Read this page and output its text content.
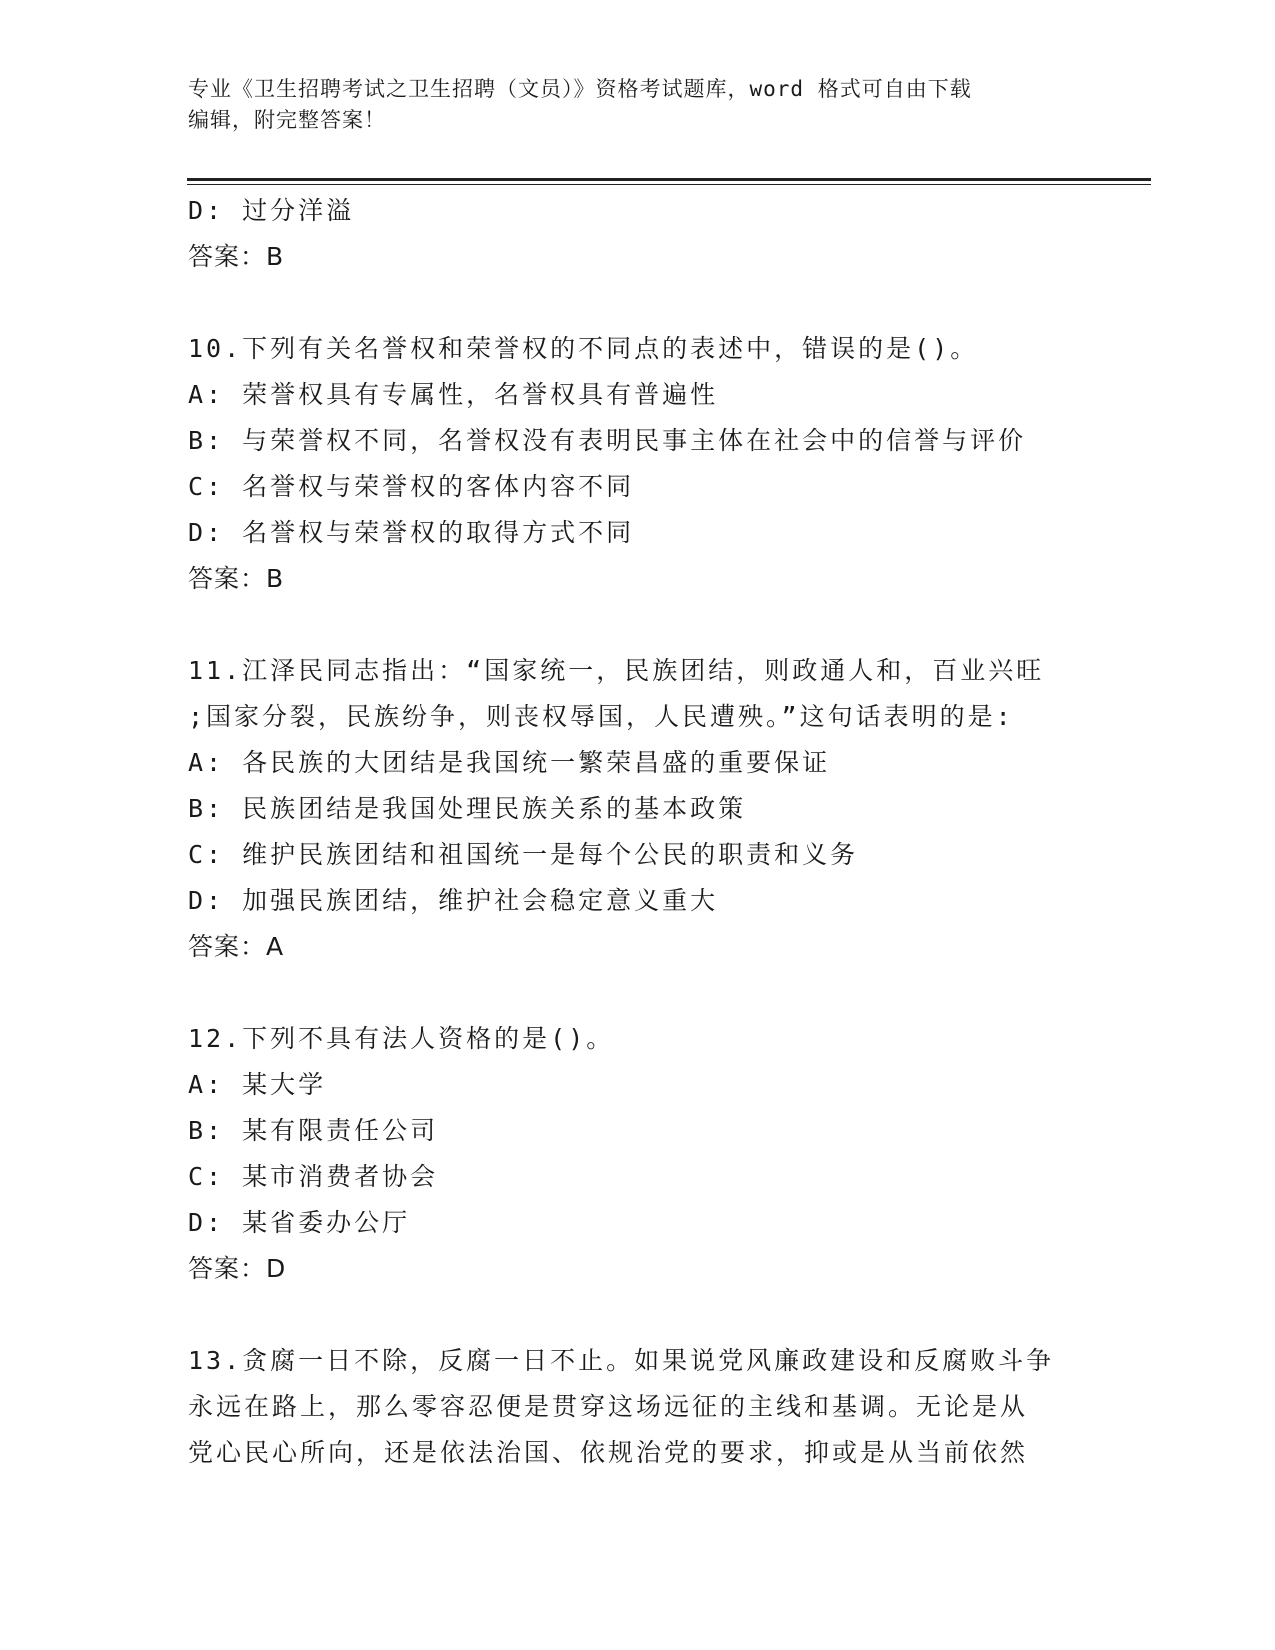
专业《卫生招聘考试之卫生招聘（文员）》资格考试题库，word 格式可自由下载
编辑，附完整答案！
D: 过分洋溢
答案：B
10.下列有关名誉权和荣誉权的不同点的表述中，错误的是()。
A: 荣誉权具有专属性，名誉权具有普遍性
B: 与荣誉权不同，名誉权没有表明民事主体在社会中的信誉与评价
C: 名誉权与荣誉权的客体内容不同
D: 名誉权与荣誉权的取得方式不同
答案：B
11.江泽民同志指出：“国家统一，民族团结，则政通人和，百业兴旺
;国家分裂，民族纷争，则丧权辱国，人民遭殃。”这句话表明的是:
A: 各民族的大团结是我国统一繁荣昌盛的重要保证
B: 民族团结是我国处理民族关系的基本政策
C: 维护民族团结和祖国统一是每个公民的职责和义务
D: 加强民族团结，维护社会稳定意义重大
答案：A
12.下列不具有法人资格的是()。
A: 某大学
B: 某有限责任公司
C: 某市消费者协会
D: 某省委办公厅
答案：D
13.贪腐一日不除，反腐一日不止。如果说党风廉政建设和反腐败斗争
永远在路上，那么零容忍便是贯穿这场远征的主线和基调。无论是从
党心民心所向，还是依法治国、依规治党的要求，抑或是从当前依然
